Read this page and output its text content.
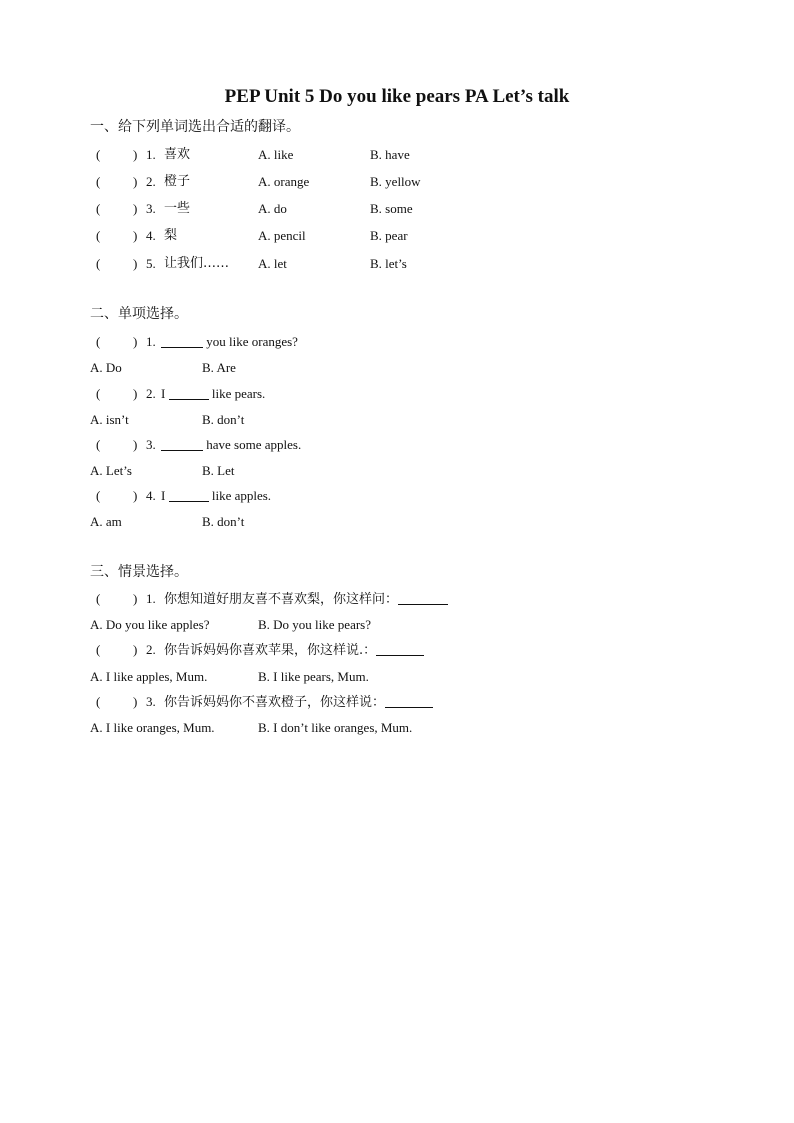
PEP Unit 5 Do you like pears PA Let’s talk
一、给下列单词选出合适的翻译。
(	) 1. 喜欢	A. like	B. have
(	) 2. 橙子	A. orange	B. yellow
(	) 3. 一些	A. do	B. some
(	) 4. 梨	A. pencil	B. pear
(	) 5. 让我们…… A. let	B. let’s
二、单项选择。
(	) 1.	you like oranges?
A. Do	B. Are
(	) 2. I	like pears.
A. isn’t	B. don’t
(	) 3.	have some apples.
A. Let’s	B. Let
(	) 4. I	like apples.
A. am	B. don’t
三、情景选择。
(	) 1. 你想知道好朋友喜不喜欢梨，你这样问：
A. Do you like apples?	B. Do you like pears?
(	) 2. 你告诉妈妈你喜欢苹果，你这样说.：
A. I like apples, Mum.	B. I like pears, Mum.
(	) 3. 你告诉妈妈你不喜欢橙子，你这样说：
A. I like oranges, Mum.	B. I don’t like oranges, Mum.
